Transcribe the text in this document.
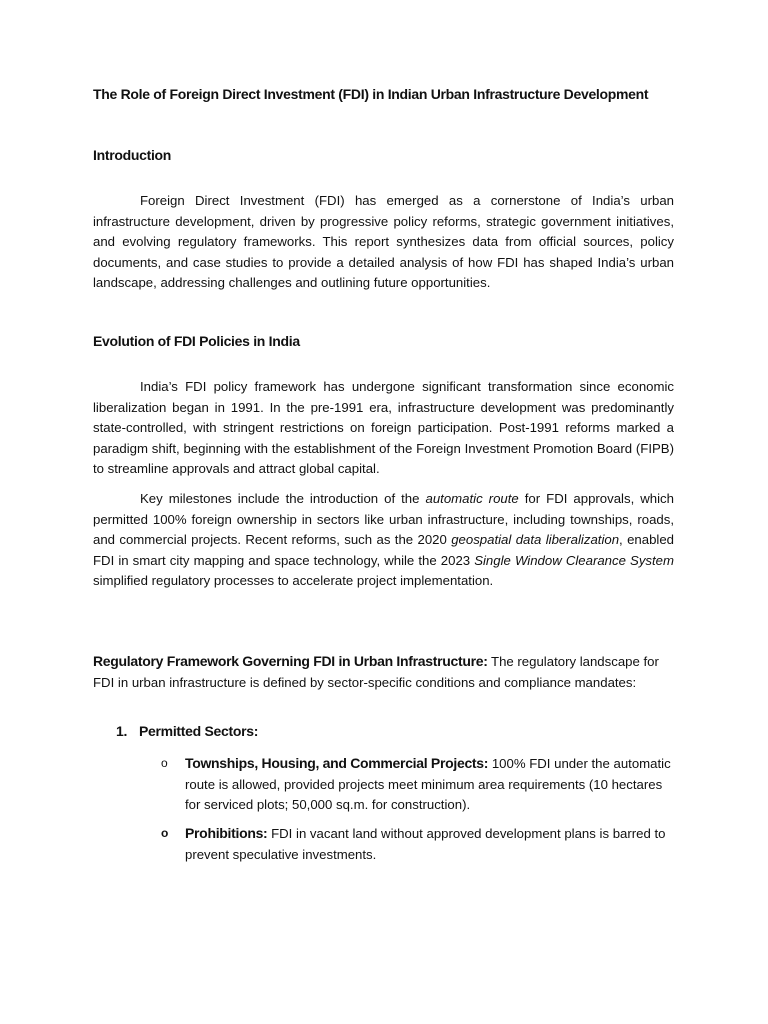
The Role of Foreign Direct Investment (FDI) in Indian Urban Infrastructure Development
Introduction

Foreign Direct Investment (FDI) has emerged as a cornerstone of India’s urban infrastructure development, driven by progressive policy reforms, strategic government initiatives, and evolving regulatory frameworks. This report synthesizes data from official sources, policy documents, and case studies to provide a detailed analysis of how FDI has shaped India’s urban landscape, addressing challenges and outlining future opportunities.

Evolution of FDI Policies in India

India’s FDI policy framework has undergone significant transformation since economic liberalization began in 1991. In the pre-1991 era, infrastructure development was predominantly state-controlled, with stringent restrictions on foreign participation. Post-1991 reforms marked a paradigm shift, beginning with the establishment of the Foreign Investment Promotion Board (FIPB) to streamline approvals and attract global capital.

Key milestones include the introduction of the automatic route for FDI approvals, which permitted 100% foreign ownership in sectors like urban infrastructure, including townships, roads, and commercial projects. Recent reforms, such as the 2020 geospatial data liberalization, enabled FDI in smart city mapping and space technology, while the 2023 Single Window Clearance System simplified regulatory processes to accelerate project implementation.

Regulatory Framework Governing FDI in Urban Infrastructure: The regulatory landscape for FDI in urban infrastructure is defined by sector-specific conditions and compliance mandates:

1. Permitted Sectors:

o Townships, Housing, and Commercial Projects: 100% FDI under the automatic route is allowed, provided projects meet minimum area requirements (10 hectares for serviced plots; 50,000 sq.m. for construction).

o Prohibitions: FDI in vacant land without approved development plans is barred to prevent speculative investments.
